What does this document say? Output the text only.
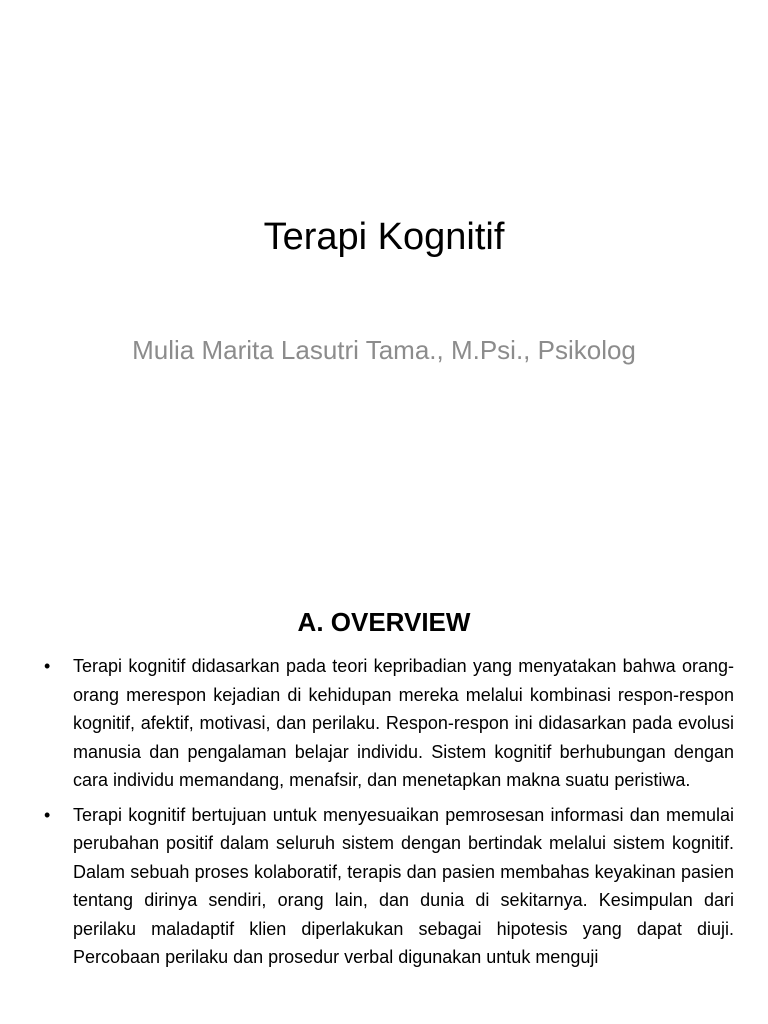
Terapi Kognitif

Mulia Marita Lasutri Tama., M.Psi., Psikolog

A. OVERVIEW
• Terapi kognitif didasarkan pada teori kepribadian yang menyatakan bahwa orang-orang merespon kejadian di kehidupan mereka melalui kombinasi respon-respon kognitif, afektif, motivasi, dan perilaku. Respon-respon ini didasarkan pada evolusi manusia dan pengalaman belajar individu. Sistem kognitif berhubungan dengan cara individu memandang, menafsir, dan menetapkan makna suatu peristiwa.
• Terapi kognitif bertujuan untuk menyesuaikan pemrosesan informasi dan memulai perubahan positif dalam seluruh sistem dengan bertindak melalui sistem kognitif. Dalam sebuah proses kolaboratif, terapis dan pasien membahas keyakinan pasien tentang dirinya sendiri, orang lain, dan dunia di sekitarnya. Kesimpulan dari perilaku maladaptif klien diperlakukan sebagai hipotesis yang dapat diuji. Percobaan perilaku dan prosedur verbal digunakan untuk menguji
